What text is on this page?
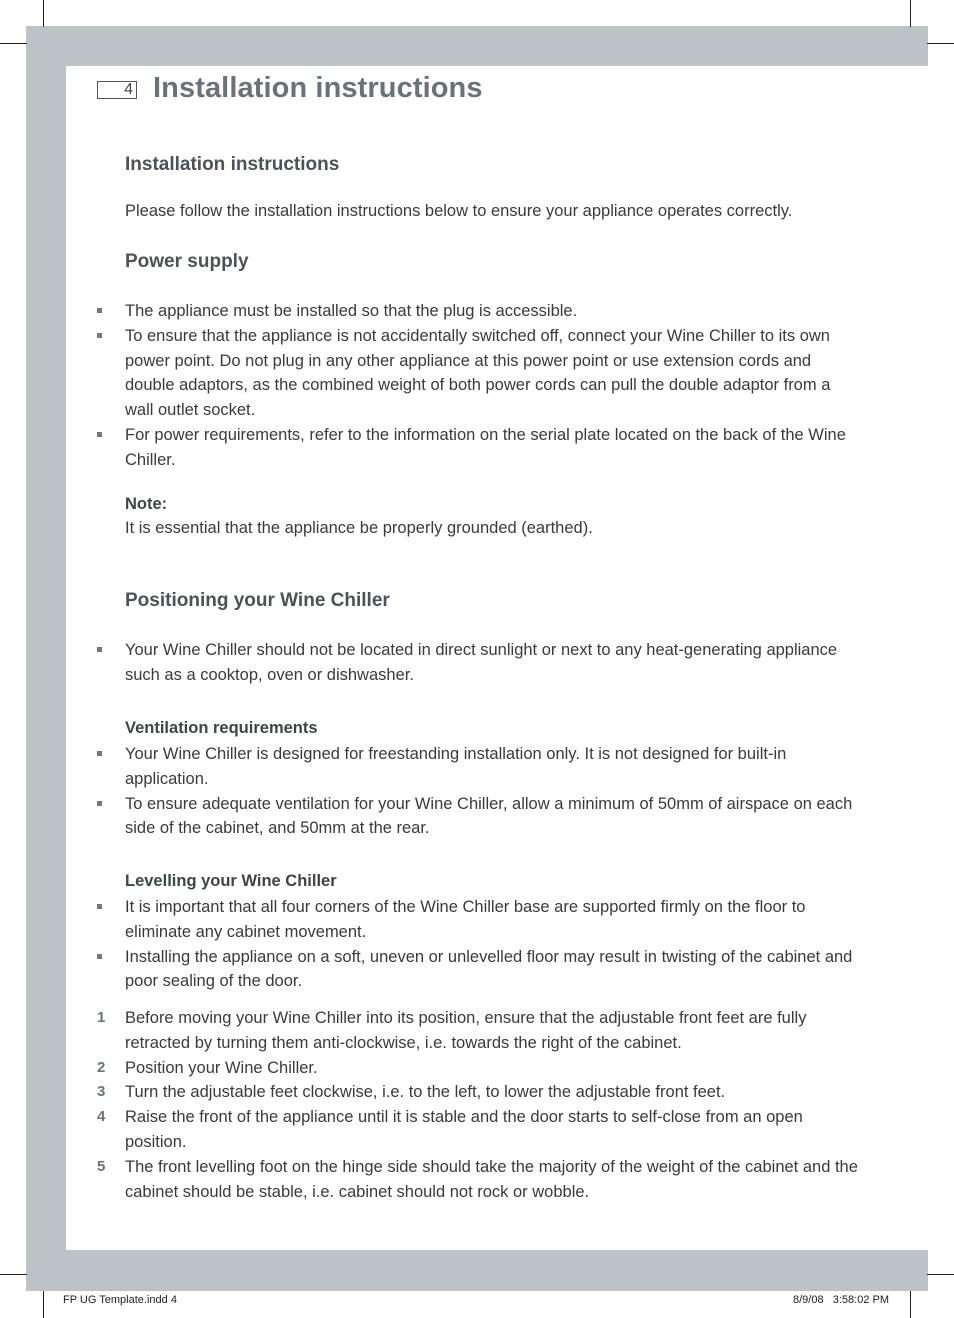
4 Installation instructions
Installation instructions

Please follow the installation instructions below to ensure your appliance operates correctly.

Power supply
The appliance must be installed so that the plug is accessible.
To ensure that the appliance is not accidentally switched off, connect your Wine Chiller to its own power point. Do not plug in any other appliance at this power point or use extension cords and double adaptors, as the combined weight of both power cords can pull the double adaptor from a wall outlet socket.
For power requirements, refer to the information on the serial plate located on the back of the Wine Chiller.
Note:

It is essential that the appliance be properly grounded (earthed).

Positioning your Wine Chiller
Your Wine Chiller should not be located in direct sunlight or next to any heat-generating appliance such as a cooktop, oven or dishwasher.
Ventilation requirements
Your Wine Chiller is designed for freestanding installation only. It is not designed for built-in application.
To ensure adequate ventilation for your Wine Chiller, allow a minimum of 50mm of airspace on each side of the cabinet, and 50mm at the rear.
Levelling your Wine Chiller
It is important that all four corners of the Wine Chiller base are supported firmly on the floor to eliminate any cabinet movement.
Installing the appliance on a soft, uneven or unlevelled floor may result in twisting of the cabinet and poor sealing of the door.
1 Before moving your Wine Chiller into its position, ensure that the adjustable front feet are fully retracted by turning them anti-clockwise, i.e. towards the right of the cabinet.
2 Position your Wine Chiller.
3 Turn the adjustable feet clockwise, i.e. to the left, to lower the adjustable front feet.
4 Raise the front of the appliance until it is stable and the door starts to self-close from an open position.
5 The front levelling foot on the hinge side should take the majority of the weight of the cabinet and the cabinet should be stable, i.e. cabinet should not rock or wobble.
FP UG Template.indd 4	8/9/08   3:58:02 PM
